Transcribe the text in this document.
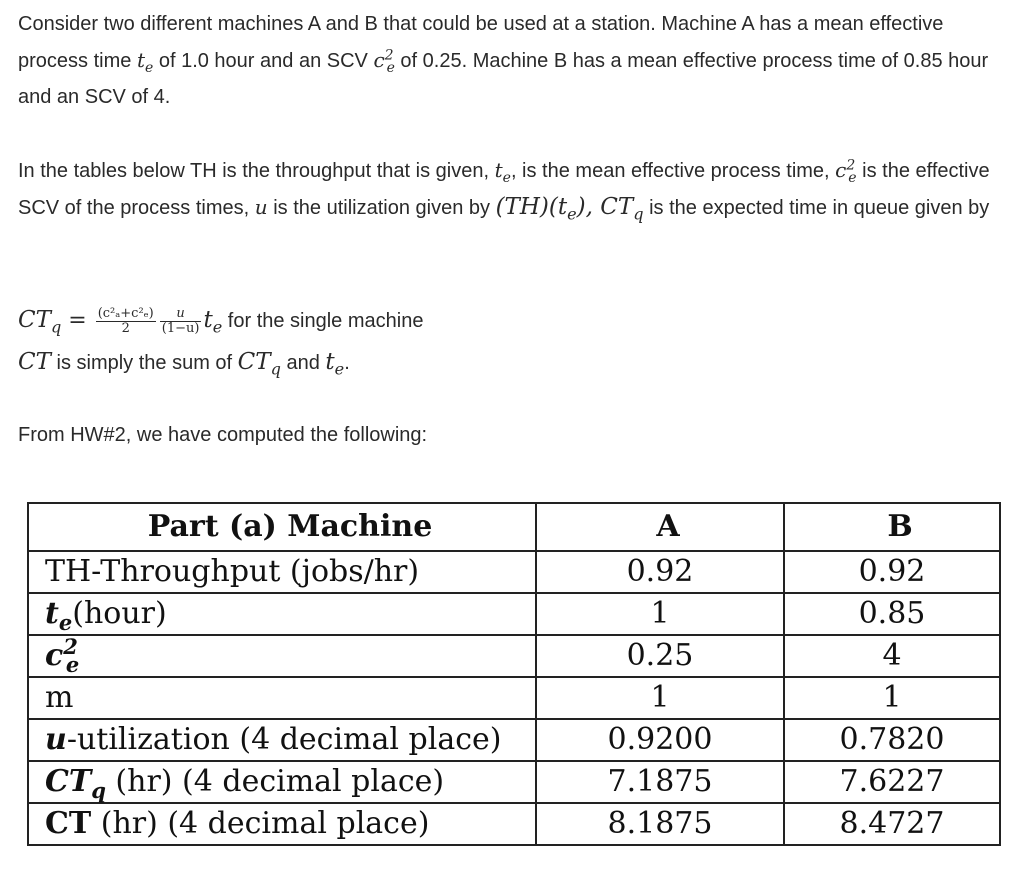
Consider two different machines A and B that could be used at a station. Machine A has a mean effective process time $t_e$ of 1.0 hour and an SCV $c^2_e$ of 0.25. Machine B has a mean effective process time of 0.85 hour and an SCV of 4.

In the tables below TH is the throughput that is given, $t_e$, is the mean effective process time, $c^2_e$ is the effective SCV of the process times, u is the utilization given by $(TH)(t_e)$, $CT_q$ is the expected time in queue given by

$CT_q = \frac{\text{(c²ₐ+c²ₑ)}}{2} \frac{u}{(1-u)} t_e$ for the single machine

CT is simply the sum of $CT_q$ and $t_e$.

From HW#2, we have computed the following:

Part (a) Machine	A	B
TH-Throughput (jobs/hr)	0.92	0.92
$t_e(hour)$	1	0.85
$c^2_e$	0.25	4
m	1	1
u-utilization (4 decimal place)	0.9200	0.7820
$CT_q$ (hr) (4 decimal place)	7.1875	7.6227
CT (hr) (4 decimal place)	8.1875	8.4727
